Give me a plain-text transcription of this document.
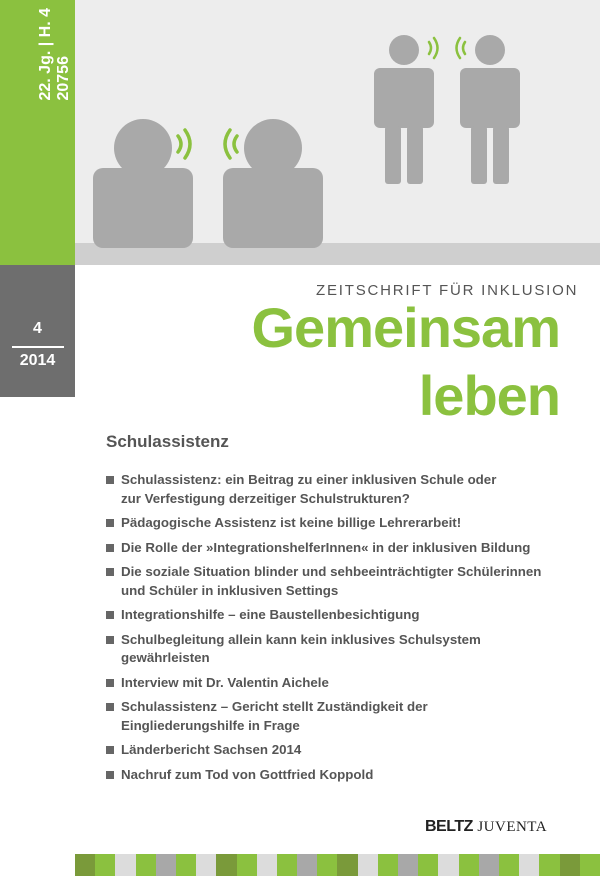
22. Jg. | H. 4 20756
4
2014
ZEITSCHRIFT FÜR INKLUSION
Gemeinsam
leben
Schulassistenz
Schulassistenz: ein Beitrag zu einer inklusiven Schule oder
zur Verfestigung derzeitiger Schulstrukturen?
Pädagogische Assistenz ist keine billige Lehrerarbeit!
Die Rolle der »IntegrationshelferInnen« in der inklusiven Bildung
Die soziale Situation blinder und sehbeeinträchtigter Schülerinnen
und Schüler in inklusiven Settings
Integrationshilfe – eine Baustellenbesichtigung
Schulbegleitung allein kann kein inklusives Schulsystem
gewährleisten
Interview mit Dr. Valentin Aichele
Schulassistenz – Gericht stellt Zuständigkeit der
Eingliederungshilfe in Frage
Länderbericht Sachsen 2014
Nachruf zum Tod von Gottfried Koppold
BELTZ JUVENTA
